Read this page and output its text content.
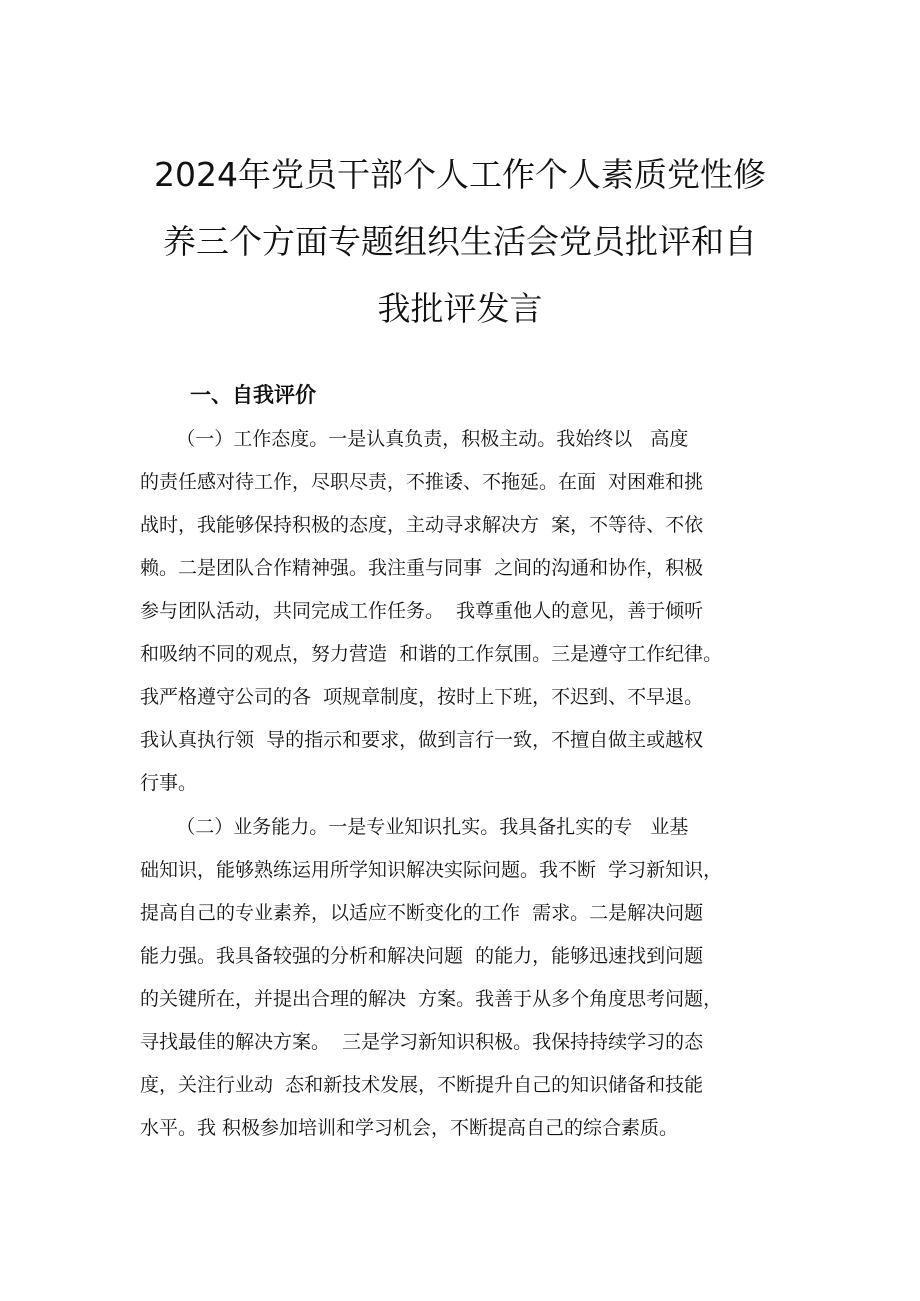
2024年党员干部个人工作个人素质党性修
养三个方面专题组织生活会党员批评和自
我批评发言
一、自我评价
（一）工作态度。一是认真负责，积极主动。我始终以   高度
的责任感对待工作，尽职尽责，不推诿、不拖延。在面  对困难和挑
战时，我能够保持积极的态度，主动寻求解决方  案，不等待、不依
赖。二是团队合作精神强。我注重与同事  之间的沟通和协作，积极
参与团队活动，共同完成工作任务。  我尊重他人的意见，善于倾听
和吸纳不同的观点，努力营造  和谐的工作氛围。三是遵守工作纪律。
我严格遵守公司的各  项规章制度，按时上下班，不迟到、不早退。
我认真执行领  导的指示和要求，做到言行一致，不擅自做主或越权
行事。
（二）业务能力。一是专业知识扎实。我具备扎实的专   业基
础知识，能够熟练运用所学知识解决实际问题。我不断  学习新知识，
提高自己的专业素养，以适应不断变化的工作  需求。二是解决问题
能力强。我具备较强的分析和解决问题  的能力，能够迅速找到问题
的关键所在，并提出合理的解决  方案。我善于从多个角度思考问题，
寻找最佳的解决方案。  三是学习新知识积极。我保持持续学习的态
度，关注行业动  态和新技术发展，不断提升自己的知识储备和技能
水平。我 积极参加培训和学习机会，不断提高自己的综合素质。
